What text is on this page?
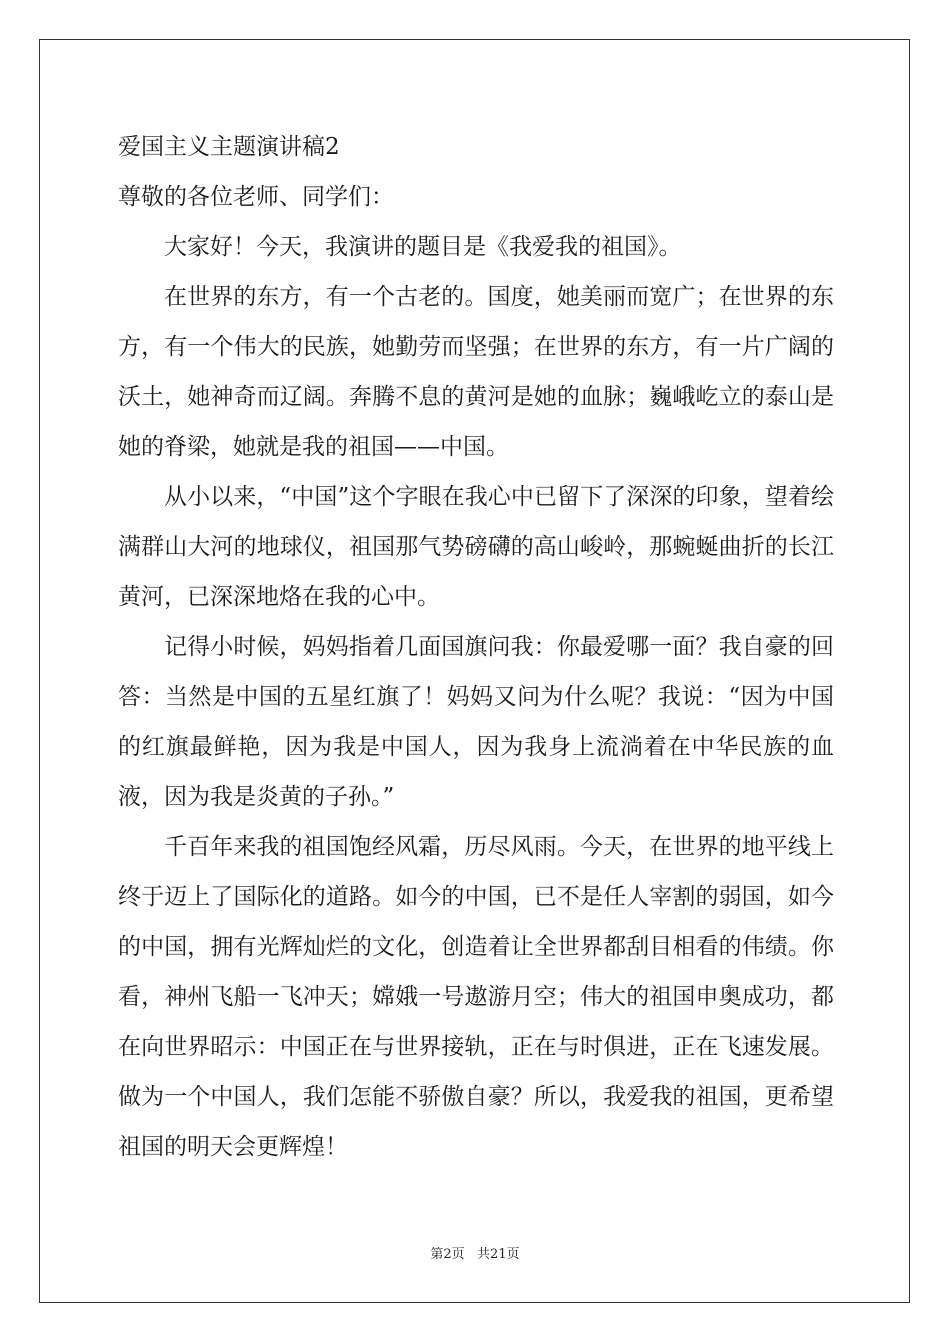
爱国主义主题演讲稿2

尊敬的各位老师、同学们：

大家好！今天，我演讲的题目是《我爱我的祖国》。

在世界的东方，有一个古老的。国度，她美丽而宽广；在世界的东方，有一个伟大的民族，她勤劳而坚强；在世界的东方，有一片广阔的沃土，她神奇而辽阔。奔腾不息的黄河是她的血脉；巍峨屹立的泰山是她的脊梁，她就是我的祖国——中国。

从小以来，“中国”这个字眼在我心中已留下了深深的印象，望着绘满群山大河的地球仪，祖国那气势磅礴的高山峻岭，那蜿蜒曲折的长江黄河，已深深地烙在我的心中。

记得小时候，妈妈指着几面国旗问我：你最爱哪一面？我自豪的回答：当然是中国的五星红旗了！妈妈又问为什么呢？我说：“因为中国的红旗最鲜艳，因为我是中国人，因为我身上流淌着在中华民族的血液，因为我是炎黄的子孙。”

千百年来我的祖国饱经风霜，历尽风雨。今天，在世界的地平线上终于迈上了国际化的道路。如今的中国，已不是任人宰割的弱国，如今的中国，拥有光辉灿烂的文化，创造着让全世界都刮目相看的伟绩。你看，神州飞船一飞冲天；嫦娥一号遨游月空；伟大的祖国申奥成功，都在向世界昭示：中国正在与世界接轨，正在与时俱进，正在飞速发展。做为一个中国人，我们怎能不骄傲自豪？所以，我爱我的祖国，更希望祖国的明天会更辉煌！

第2页   共21页
